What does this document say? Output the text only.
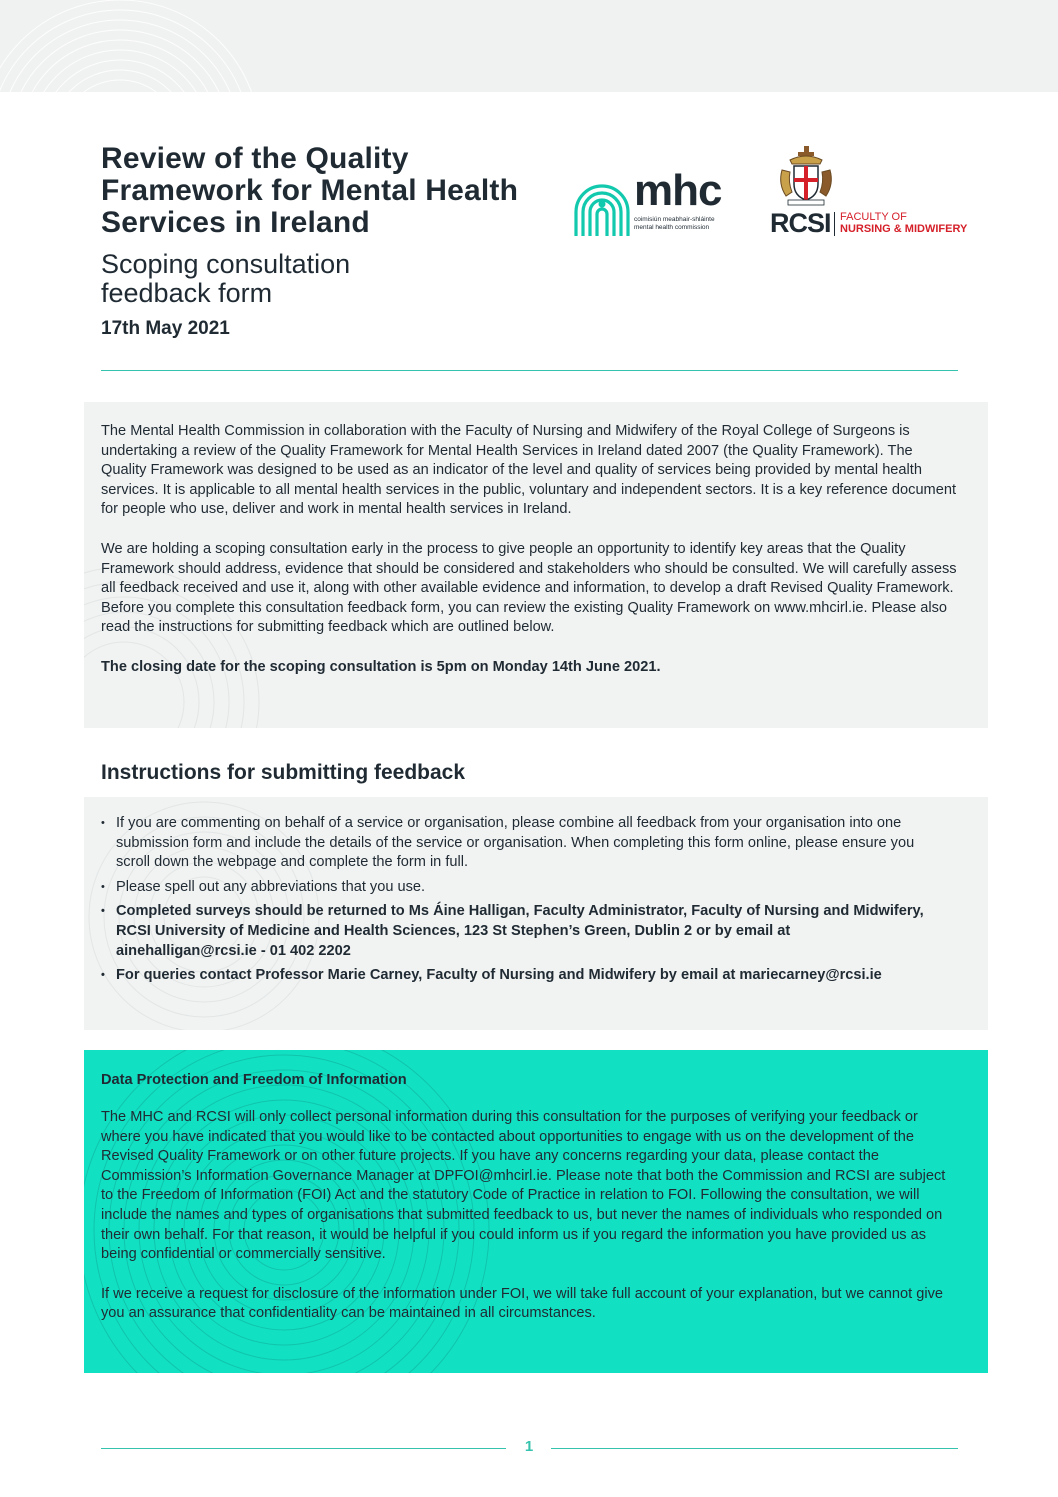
Review of the Quality Framework for Mental Health Services in Ireland
Scoping consultation feedback form
17th May 2021
mhc
coimisiún meabhair-shláinte
mental health commission RCSI FACULTY OF
NURSING & MIDWIFERY

The Mental Health Commission in collaboration with the Faculty of Nursing and Midwifery of the Royal College of Surgeons is undertaking a review of the Quality Framework for Mental Health Services in Ireland dated 2007 (the Quality Framework). The Quality Framework was designed to be used as an indicator of the level and quality of services being provided by mental health services. It is applicable to all mental health services in the public, voluntary and independent sectors. It is a key reference document for people who use, deliver and work in mental health services in Ireland.

We are holding a scoping consultation early in the process to give people an opportunity to identify key areas that the Quality Framework should address, evidence that should be considered and stakeholders who should be consulted. We will carefully assess all feedback received and use it, along with other available evidence and information, to develop a draft Revised Quality Framework. Before you complete this consultation feedback form, you can review the existing Quality Framework on www.mhcirl.ie. Please also read the instructions for submitting feedback which are outlined below.

The closing date for the scoping consultation is 5pm on Monday 14th June 2021.

Instructions for submitting feedback
• If you are commenting on behalf of a service or organisation, please combine all feedback from your organisation into one submission form and include the details of the service or organisation. When completing this form online, please ensure you scroll down the webpage and complete the form in full.
• Please spell out any abbreviations that you use.
• Completed surveys should be returned to Ms Áine Halligan, Faculty Administrator, Faculty of Nursing and Midwifery, RCSI University of Medicine and Health Sciences, 123 St Stephen’s Green, Dublin 2 or by email at ainehalligan@rcsi.ie - 01 402 2202
• For queries contact Professor Marie Carney, Faculty of Nursing and Midwifery by email at mariecarney@rcsi.ie
Data Protection and Freedom of Information

The MHC and RCSI will only collect personal information during this consultation for the purposes of verifying your feedback or where you have indicated that you would like to be contacted about opportunities to engage with us on the development of the Revised Quality Framework or on other future projects. If you have any concerns regarding your data, please contact the Commission’s Information Governance Manager at DPFOI@mhcirl.ie. Please note that both the Commission and RCSI are subject to the Freedom of Information (FOI) Act and the statutory Code of Practice in relation to FOI. Following the consultation, we will include the names and types of organisations that submitted feedback to us, but never the names of individuals who responded on their own behalf. For that reason, it would be helpful if you could inform us if you regard the information you have provided us as being confidential or commercially sensitive.

If we receive a request for disclosure of the information under FOI, we will take full account of your explanation, but we cannot give you an assurance that confidentiality can be maintained in all circumstances.

1
